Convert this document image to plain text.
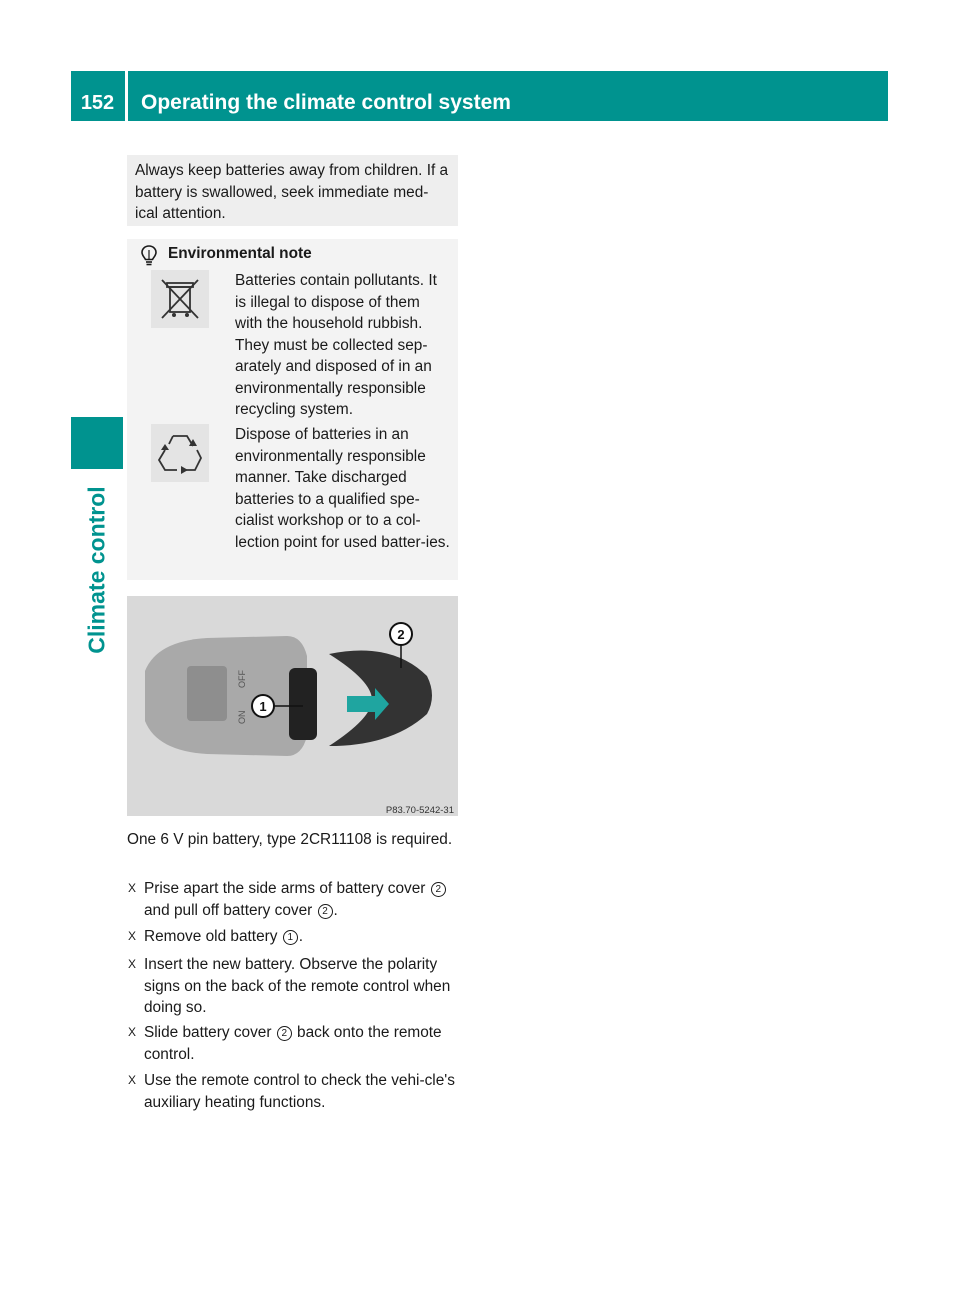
152	Operating the climate control system
Climate control
Always keep batteries away from children. If a battery is swallowed, seek immediate med-ical attention.
Environmental note
Batteries contain pollutants. It is illegal to dispose of them with the household rubbish. They must be collected sep-arately and disposed of in an environmentally responsible recycling system.
Dispose of batteries in an environmentally responsible manner. Take discharged batteries to a qualified spe-cialist workshop or to a col-lection point for used batter-ies.
OFF
ON
1
2
P83.70-5242-31
One 6 V pin battery, type 2CR11108 is required.
X Prise apart the side arms of battery cover 2 and pull off battery cover 2 .
X Remove old battery 1 .
X Insert the new battery. Observe the polarity signs on the back of the remote control when doing so.
X Slide battery cover 2 back onto the remote control.
X Use the remote control to check the vehi-cle's auxiliary heating functions.
